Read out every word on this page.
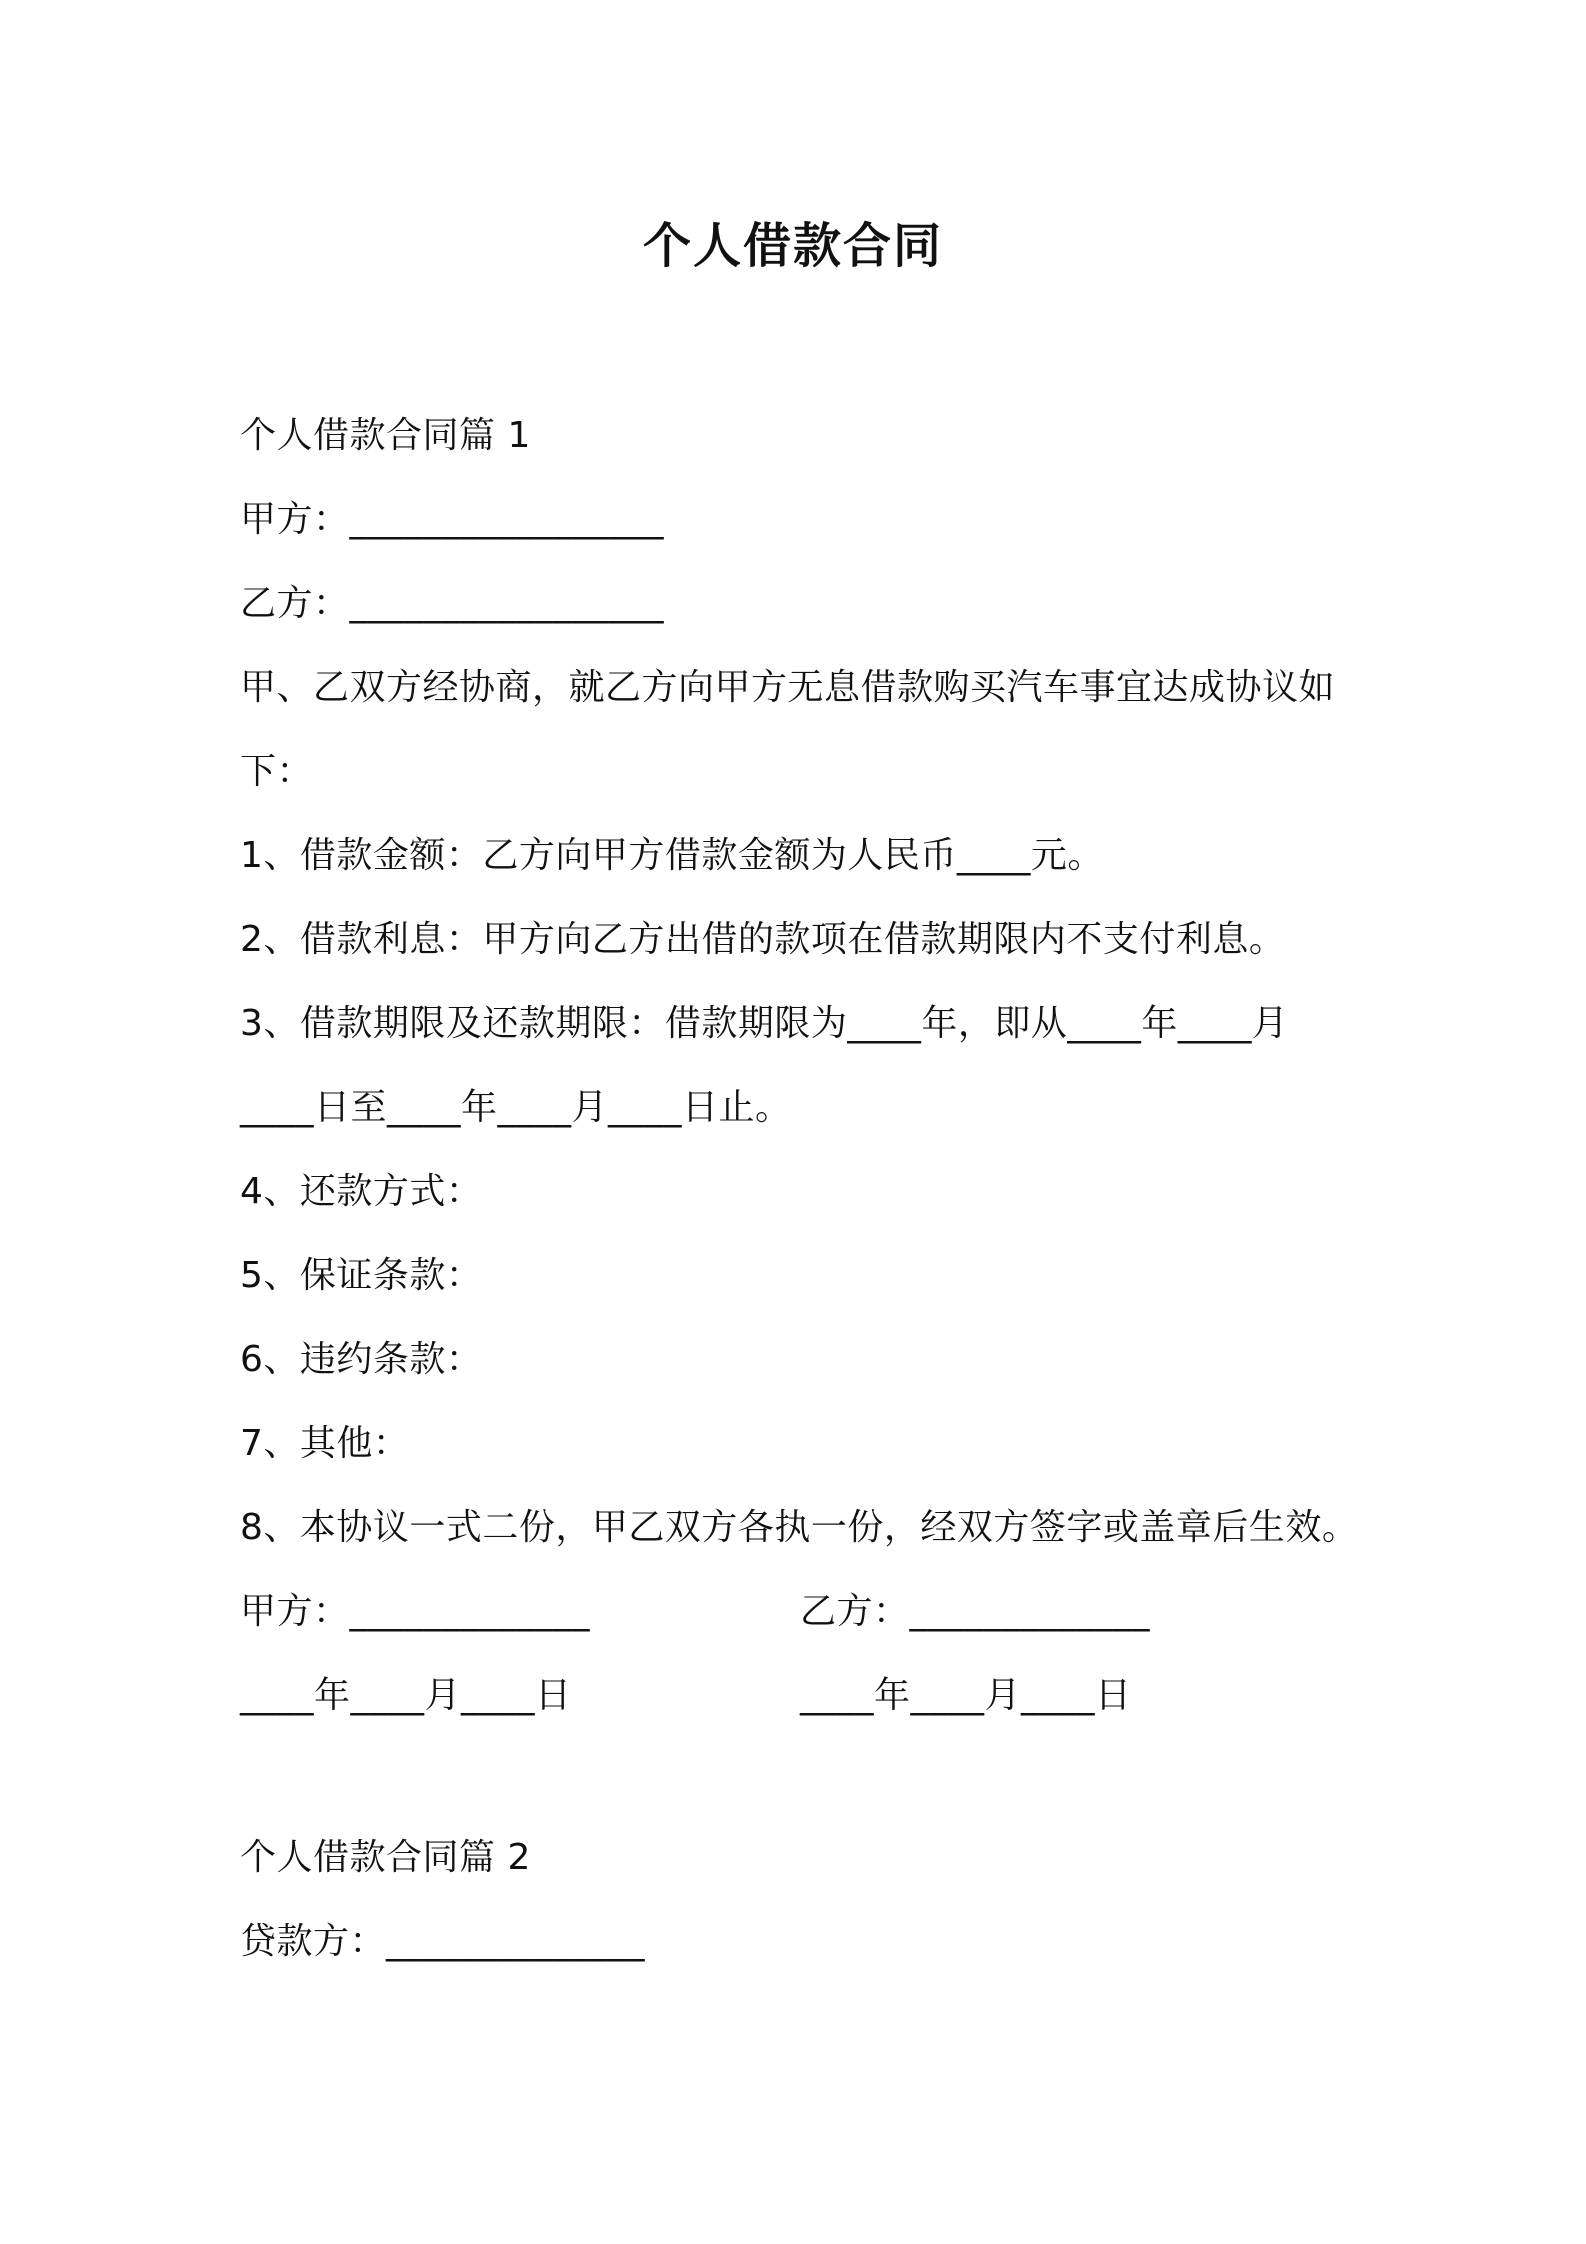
个人借款合同
个人借款合同篇 1
甲方：_________________
乙方：_________________
甲、乙双方经协商，就乙方向甲方无息借款购买汽车事宜达成协议如
下：
1、借款金额：乙方向甲方借款金额为人民币____元。
2、借款利息：甲方向乙方出借的款项在借款期限内不支付利息。
3、借款期限及还款期限：借款期限为____年，即从____年____月
____日至____年____月____日止。
4、还款方式：
5、保证条款：
6、违约条款：
7、其他：
8、本协议一式二份，甲乙双方各执一份，经双方签字或盖章后生效。
甲方：_____________	乙方：_____________
____年____月____日	____年____月____日
个人借款合同篇 2
贷款方：______________
